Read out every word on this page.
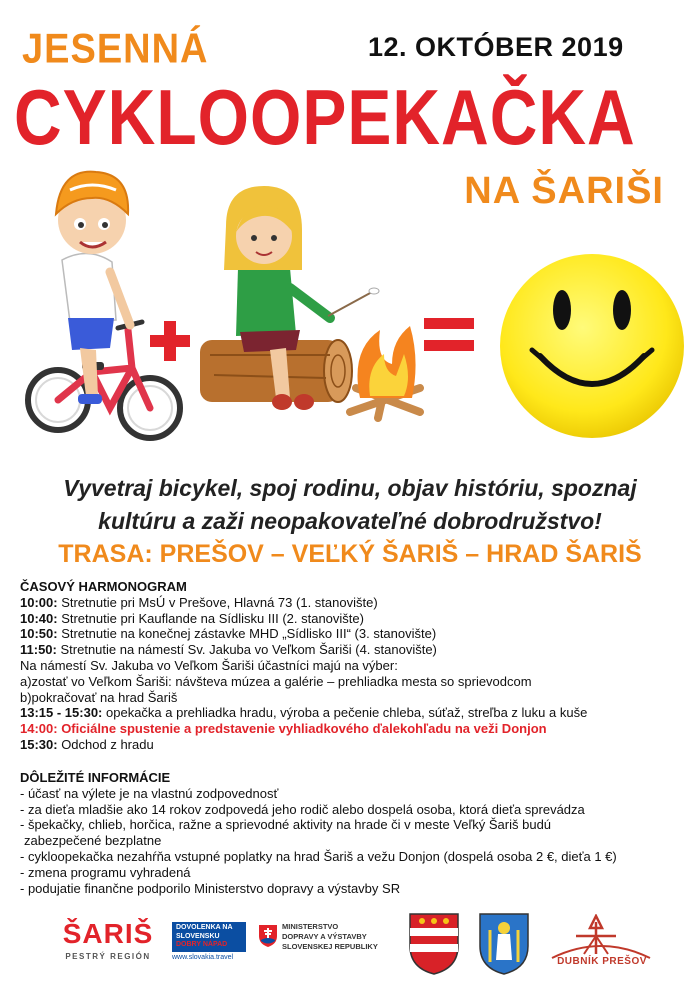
JESENNÁ	12. OKTÓBER 2019
CYKLOOPEKAČKA
NA ŠARIŠI
Vyvetraj bicykel, spoj rodinu, objav históriu, spoznaj
kultúru a zaži neopakovateľné dobrodružstvo!
TRASA: PREŠOV – VEĽKÝ ŠARIŠ – HRAD ŠARIŠ
ČASOVÝ HARMONOGRAM
10:00: Stretnutie pri MsÚ v Prešove, Hlavná 73 (1. stanovište)
10:40: Stretnutie pri Kauflande na Sídlisku III (2. stanovište)
10:50: Stretnutie na konečnej zástavke MHD „Sídlisko III“ (3. stanovište)
11:50: Stretnutie na námestí Sv. Jakuba vo Veľkom Šariši (4. stanovište)
Na námestí Sv. Jakuba vo Veľkom Šariši účastníci majú na výber:
a)zostať vo Veľkom Šariši: návšteva múzea a galérie – prehliadka mesta so sprievodcom
b)pokračovať na hrad Šariš
13:15 - 15:30: opekačka a prehliadka hradu, výroba a pečenie chleba, súťaž, streľba z luku a kuše
14:00: Oficiálne spustenie a predstavenie vyhliadkového ďalekohľadu na veži Donjon
15:30: Odchod z hradu
DÔLEŽITÉ INFORMÁCIE
- účasť na výlete je na vlastnú zodpovednosť
- za dieťa mladšie ako 14 rokov zodpovedá jeho rodič alebo dospelá osoba, ktorá dieťa sprevádza
- špekačky, chlieb, horčica, ražne a sprievodné aktivity na hrade či v meste Veľký Šariš budú
zabezpečené bezplatne
- cykloopekačka nezahŕňa vstupné poplatky na hrad Šariš a vežu Donjon (dospelá osoba 2 €, dieťa 1 €)
- zmena programu vyhradená
- podujatie finančne podporilo Ministerstvo dopravy a výstavby SR
ŠARIŠ
PESTRÝ REGIÓN
DOVOLENKA NA
SLOVENSKU
DOBRY NÁPAD
www.slovakia.travel
MINISTERSTVO
DOPRAVY A VÝSTAVBY
SLOVENSKEJ REPUBLIKY
DUBNÍK PREŠOV
